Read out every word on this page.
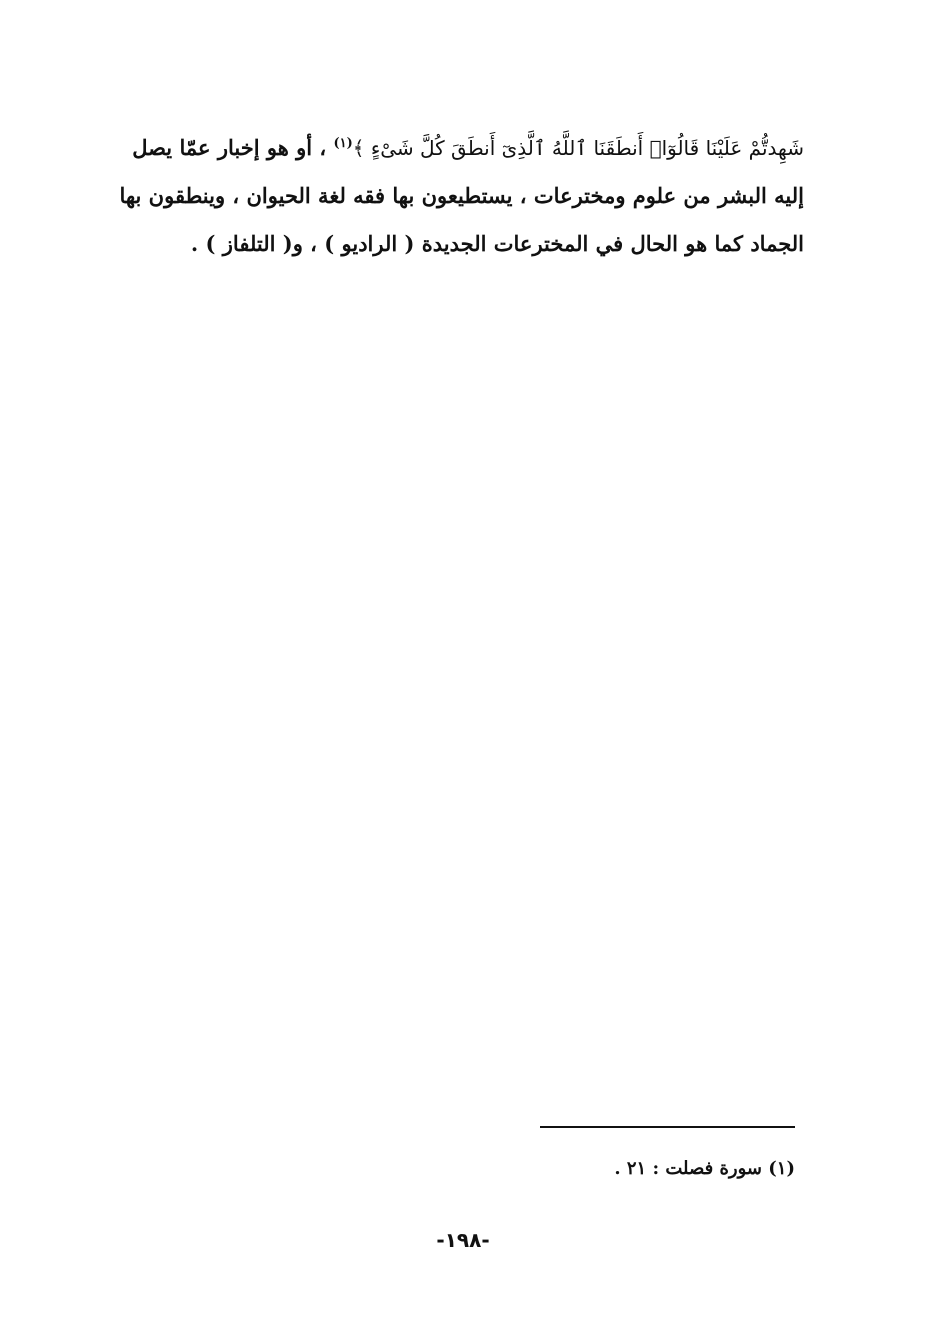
شَهِدتُّمْ عَلَيْنَا قَالُوٓا۟ أَنطَقَنَا ٱللَّهُ ٱلَّذِىٓ أَنطَقَ كُلَّ شَىْءٍ ﴾$^{(١)}$ ، أو هو إخبار عمّا يصل
إليه البشر من علوم ومخترعات ، يستطيعون بها فقه لغة الحيوان ، وينطقون بها
الجماد كما هو الحال في المخترعات الجديدة ( الراديو ) ، و( التلفاز ) .
(١) سورة فصلت : ٢١ .
-١٩٨-
